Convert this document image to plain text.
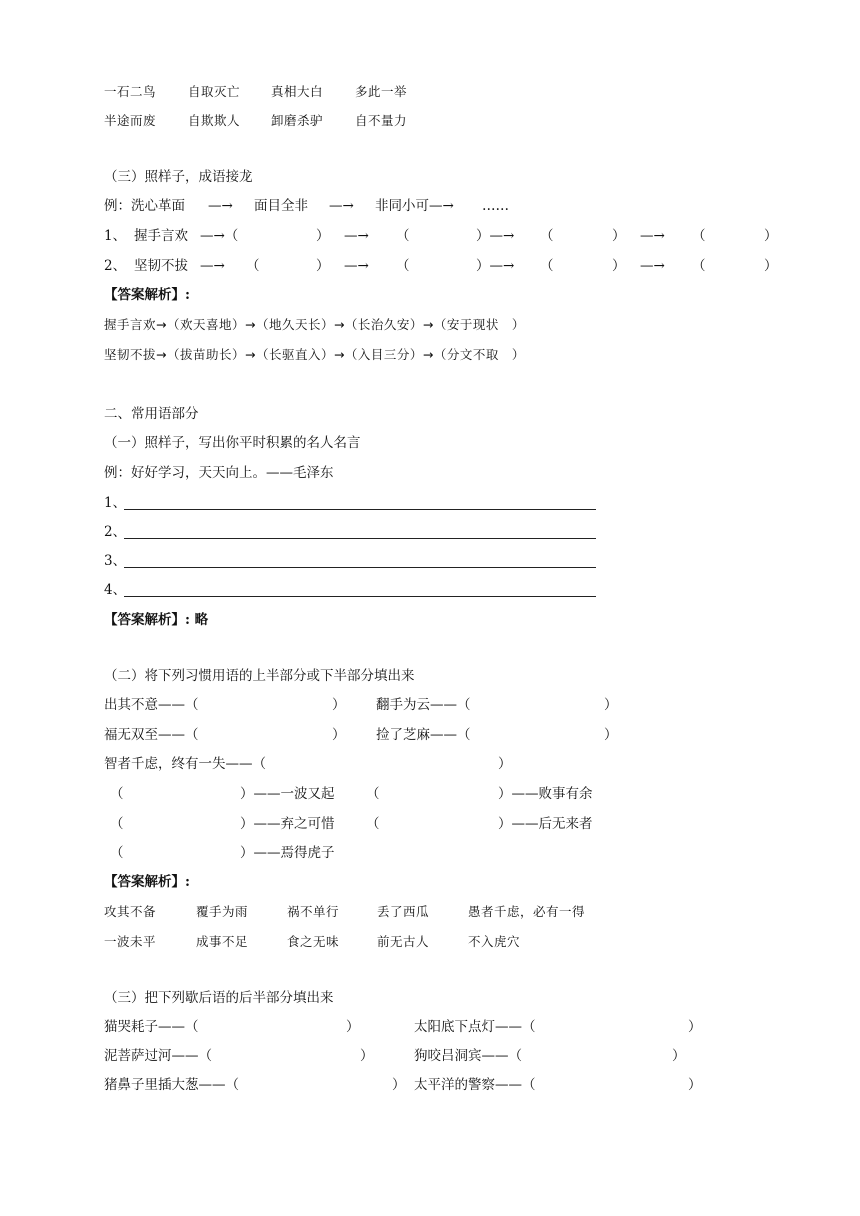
一石二鸟	自取灭亡 真相大白	多此一举
半途而废	自欺欺人 卸磨杀驴	自不量力
（三）照样子，成语接龙
例：洗心革面 —→ 面目全非 —→ 非同小可—→ ……
1、 握手言欢 —→（	） —→ （	）—→ （	） —→ （	）
2、 坚韧不拔 —→ （	） —→ （	）—→ （	） —→ （	）
【答案解析】:
握手言欢→（欢天喜地）→（地久天长）→（长治久安）→（安于现状　）
坚韧不拔→（拔苗助长）→（长驱直入）→（入目三分）→（分文不取　）
二、常用语部分
（一）照样子，写出你平时积累的名人名言
例：好好学习，天天向上。——毛泽东
1、
2、
3、
4、
【答案解析】: 略
（二）将下列习惯用语的上半部分或下半部分填出来
出其不意——（	） 翻手为云——（	）
福无双至——（	） 捡了芝麻——（	）
智者千虑，终有一失——（	）
（	）——一波又起 （	）——败事有余
（	）——弃之可惜 （	）——后无来者
（	）——焉得虎子
【答案解析】:
攻其不备	覆手为雨	祸不单行	丢了西瓜	愚者千虑，必有一得
一波未平	成事不足	食之无味	前无古人	不入虎穴
（三）把下列歇后语的后半部分填出来
猫哭耗子——（	）	太阳底下点灯——（	）
泥菩萨过河——（	）	狗咬吕洞宾——（	）
猪鼻子里插大葱——（	） 太平洋的警察——（	）
